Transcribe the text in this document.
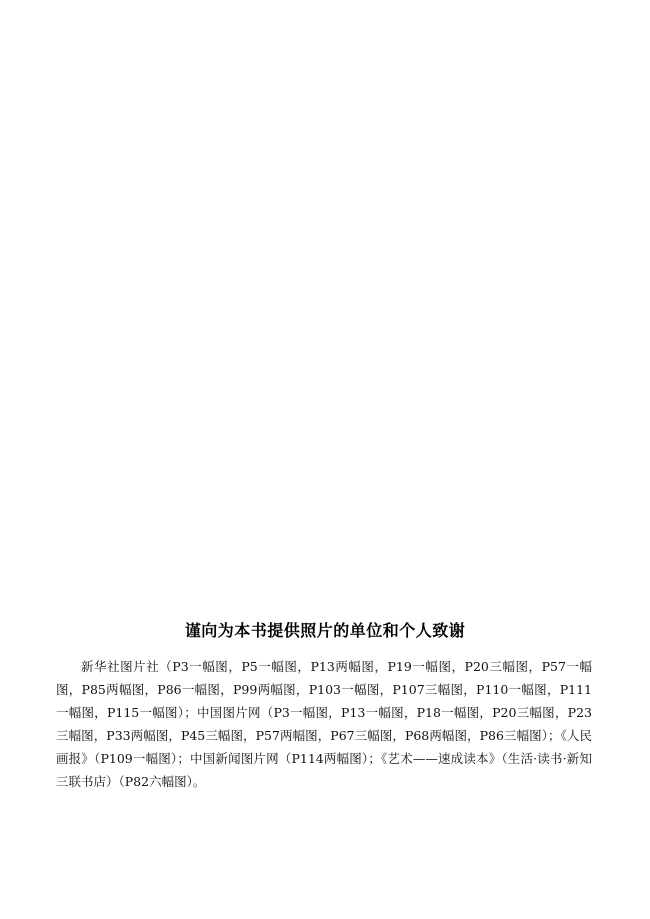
谨向为本书提供照片的单位和个人致谢

新华社图片社（P3一幅图，P5一幅图，P13两幅图，P19一幅图，P20三幅图，P57一幅图，P85两幅图，P86一幅图，P99两幅图，P103一幅图，P107三幅图，P110一幅图，P111一幅图，P115一幅图）；中国图片网（P3一幅图，P13一幅图，P18一幅图，P20三幅图，P23三幅图，P33两幅图，P45三幅图，P57两幅图，P67三幅图，P68两幅图，P86三幅图）；《人民画报》（P109一幅图）；中国新闻图片网（P114两幅图）；《艺术——速成读本》（生活·读书·新知三联书店）（P82六幅图）。
